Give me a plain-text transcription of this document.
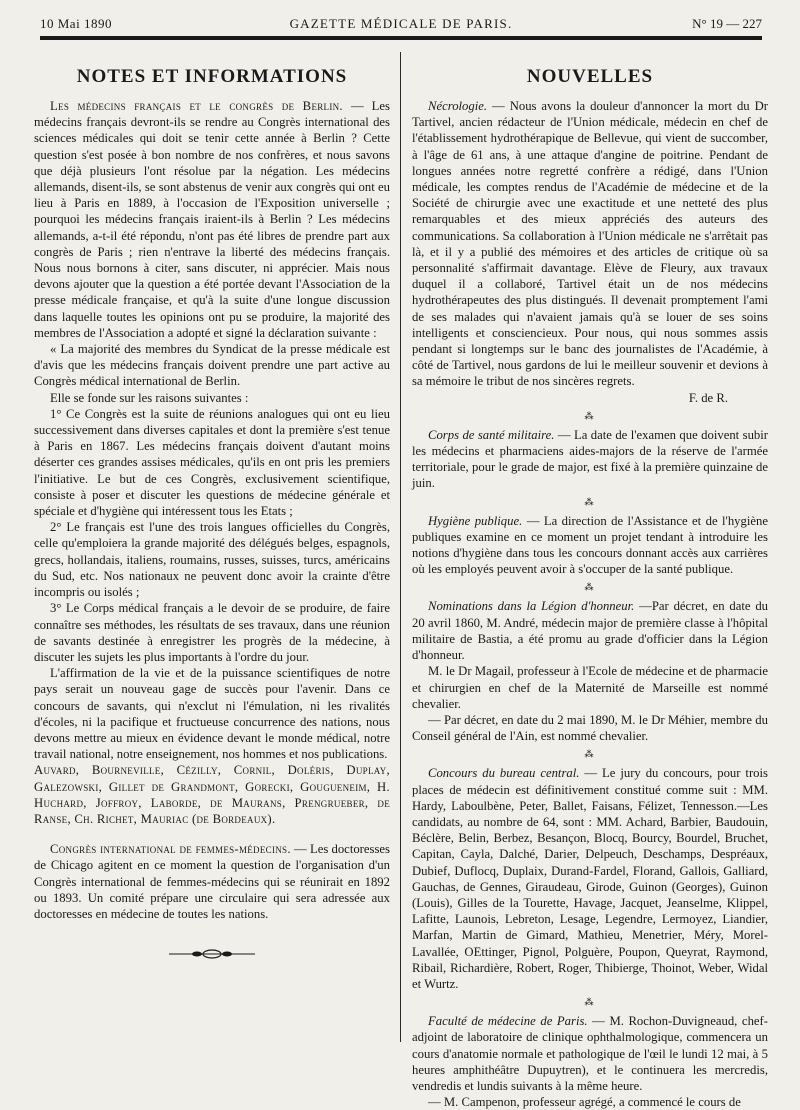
10 Mai 1890	GAZETTE MÉDICALE DE PARIS.	N° 19 — 227
NOTES ET INFORMATIONS

Les médecins français et le congrès de Berlin. — Les médecins français devront-ils se rendre au Congrès international des sciences médicales qui doit se tenir cette année à Berlin ? Cette question s'est posée à bon nombre de nos confrères, et nous savons que déjà plusieurs l'ont résolue par la négation. Les médecins allemands, disent-ils, se sont abstenus de venir aux congrès qui ont eu lieu à Paris en 1889, à l'occasion de l'Exposition universelle ; pourquoi les médecins français iraient-ils à Berlin ? Les médecins allemands, a-t-il été répondu, n'ont pas été libres de prendre part aux congrès de Paris ; rien n'entrave la liberté des médecins français. Nous nous bornons à citer, sans discuter, ni apprécier. Mais nous devons ajouter que la question a été portée devant l'Association de la presse médicale française, et qu'à la suite d'une longue discussion dans laquelle toutes les opinions ont pu se produire, la majorité des membres de l'Association a adopté et signé la déclaration suivante :

« La majorité des membres du Syndicat de la presse médicale est d'avis que les médecins français doivent prendre une part active au Congrès médical international de Berlin.

Elle se fonde sur les raisons suivantes :

1° Ce Congrès est la suite de réunions analogues qui ont eu lieu successivement dans diverses capitales et dont la première s'est tenue à Paris en 1867. Les médecins français doivent d'autant moins déserter ces grandes assises médicales, qu'ils en ont pris les premiers l'initiative. Le but de ces Congrès, exclusivement scientifique, consiste à poser et discuter les questions de médecine générale et spéciale et d'hygiène qui intéressent tous les Etats ;

2° Le français est l'une des trois langues officielles du Congrès, celle qu'emploiera la grande majorité des délégués belges, espagnols, grecs, hollandais, italiens, roumains, russes, suisses, turcs, américains du Sud, etc. Nos nationaux ne peuvent donc avoir la crainte d'être incompris ou isolés ;

3° Le Corps médical français a le devoir de se produire, de faire connaître ses méthodes, les résultats de ses travaux, dans une réunion de savants destinée à enregistrer les progrès de la médecine, à discuter les sujets les plus importants à l'ordre du jour.

L'affirmation de la vie et de la puissance scientifiques de notre pays serait un nouveau gage de succès pour l'avenir. Dans ce concours de savants, qui n'exclut ni l'émulation, ni les rivalités d'écoles, ni la pacifique et fructueuse concurrence des nations, nous devons mettre au mieux en évidence devant le monde médical, notre travail national, notre enseignement, nos hommes et nos publications.

Auvard, Bourneville, Cézilly, Cornil, Doléris, Duplay, Galezowski, Gillet de Grandmont, Gorecki, Gougueneim, H. Huchard, Joffroy, Laborde, de Maurans, Prengrueber, de Ranse, Ch. Richet, Mauriac (de Bordeaux).

Congrès international de femmes-médecins. — Les doctoresses de Chicago agitent en ce moment la question de l'organisation d'un Congrès international de femmes-médecins qui se réunirait en 1892 ou 1893. Un comité prépare une circulaire qui sera adressée aux doctoresses en médecine de toutes les nations.

NOUVELLES

Nécrologie. — Nous avons la douleur d'annoncer la mort du Dr Tartivel, ancien rédacteur de l'Union médicale, médecin en chef de l'établissement hydrothérapique de Bellevue, qui vient de succomber, à l'âge de 61 ans, à une attaque d'angine de poitrine. Pendant de longues années notre regretté confrère a rédigé, dans l'Union médicale, les comptes rendus de l'Académie de médecine et de la Société de chirurgie avec une exactitude et une netteté des plus remarquables et des mieux appréciés des auteurs des communications. Sa collaboration à l'Union médicale ne s'arrêtait pas là, et il y a publié des mémoires et des articles de critique où sa personnalité s'affirmait davantage. Elève de Fleury, aux travaux duquel il a collaboré, Tartivel était un de nos médecins hydrothérapeutes des plus distingués. Il devenait promptement l'ami de ses malades qui n'avaient jamais qu'à se louer de ses soins intelligents et consciencieux. Pour nous, qui nous sommes assis pendant si longtemps sur le banc des journalistes de l'Académie, à côté de Tartivel, nous gardons de lui le meilleur souvenir et devions à sa mémoire le tribut de nos sincères regrets.

F. de R.

⁂

Corps de santé militaire. — La date de l'examen que doivent subir les médecins et pharmaciens aides-majors de la réserve de l'armée territoriale, pour le grade de major, est fixé à la première quinzaine de juin.

⁂

Hygiène publique. — La direction de l'Assistance et de l'hygiène publiques examine en ce moment un projet tendant à introduire les notions d'hygiène dans tous les concours donnant accès aux carrières où les employés peuvent avoir à s'occuper de la santé publique.

⁂

Nominations dans la Légion d'honneur. —Par décret, en date du 20 avril 1860, M. André, médecin major de première classe à l'hôpital militaire de Bastia, a été promu au grade d'officier dans la Légion d'honneur.

M. le Dr Magail, professeur à l'Ecole de médecine et de pharmacie et chirurgien en chef de la Maternité de Marseille est nommé chevalier.

— Par décret, en date du 2 mai 1890, M. le Dr Méhier, membre du Conseil général de l'Ain, est nommé chevalier.

⁂

Concours du bureau central. — Le jury du concours, pour trois places de médecin est définitivement constitué comme suit : MM. Hardy, Laboulbène, Peter, Ballet, Faisans, Félizet, Tennesson.—Les candidats, au nombre de 64, sont : MM. Achard, Barbier, Baudouin, Béclère, Belin, Berbez, Besançon, Blocq, Bourcy, Bourdel, Bruchet, Capitan, Cayla, Dalché, Darier, Delpeuch, Deschamps, Despréaux, Dubief, Duflocq, Duplaix, Durand-Fardel, Florand, Gallois, Galliard, Gauchas, de Gennes, Giraudeau, Girode, Guinon (Georges), Guinon (Louis), Gilles de la Tourette, Havage, Jacquet, Jeanselme, Klippel, Lafitte, Launois, Lebreton, Lesage, Legendre, Lermoyez, Liandier, Marfan, Martin de Gimard, Mathieu, Menetrier, Méry, Morel-Lavallée, OEttinger, Pignol, Polguère, Poupon, Queyrat, Raymond, Ribail, Richardière, Robert, Roger, Thibierge, Thoinot, Weber, Widal et Wurtz.

⁂

Faculté de médecine de Paris. — M. Rochon-Duvigneaud, chef-adjoint de laboratoire de clinique ophthalmologique, commencera un cours d'anatomie normale et pathologique de l'œil le lundi 12 mai, à 5 heures amphithéâtre Dupuytren), et le continuera les mercredis, vendredis et lundis suivants à la même heure.

— M. Campenon, professeur agrégé, a commencé le cours de
